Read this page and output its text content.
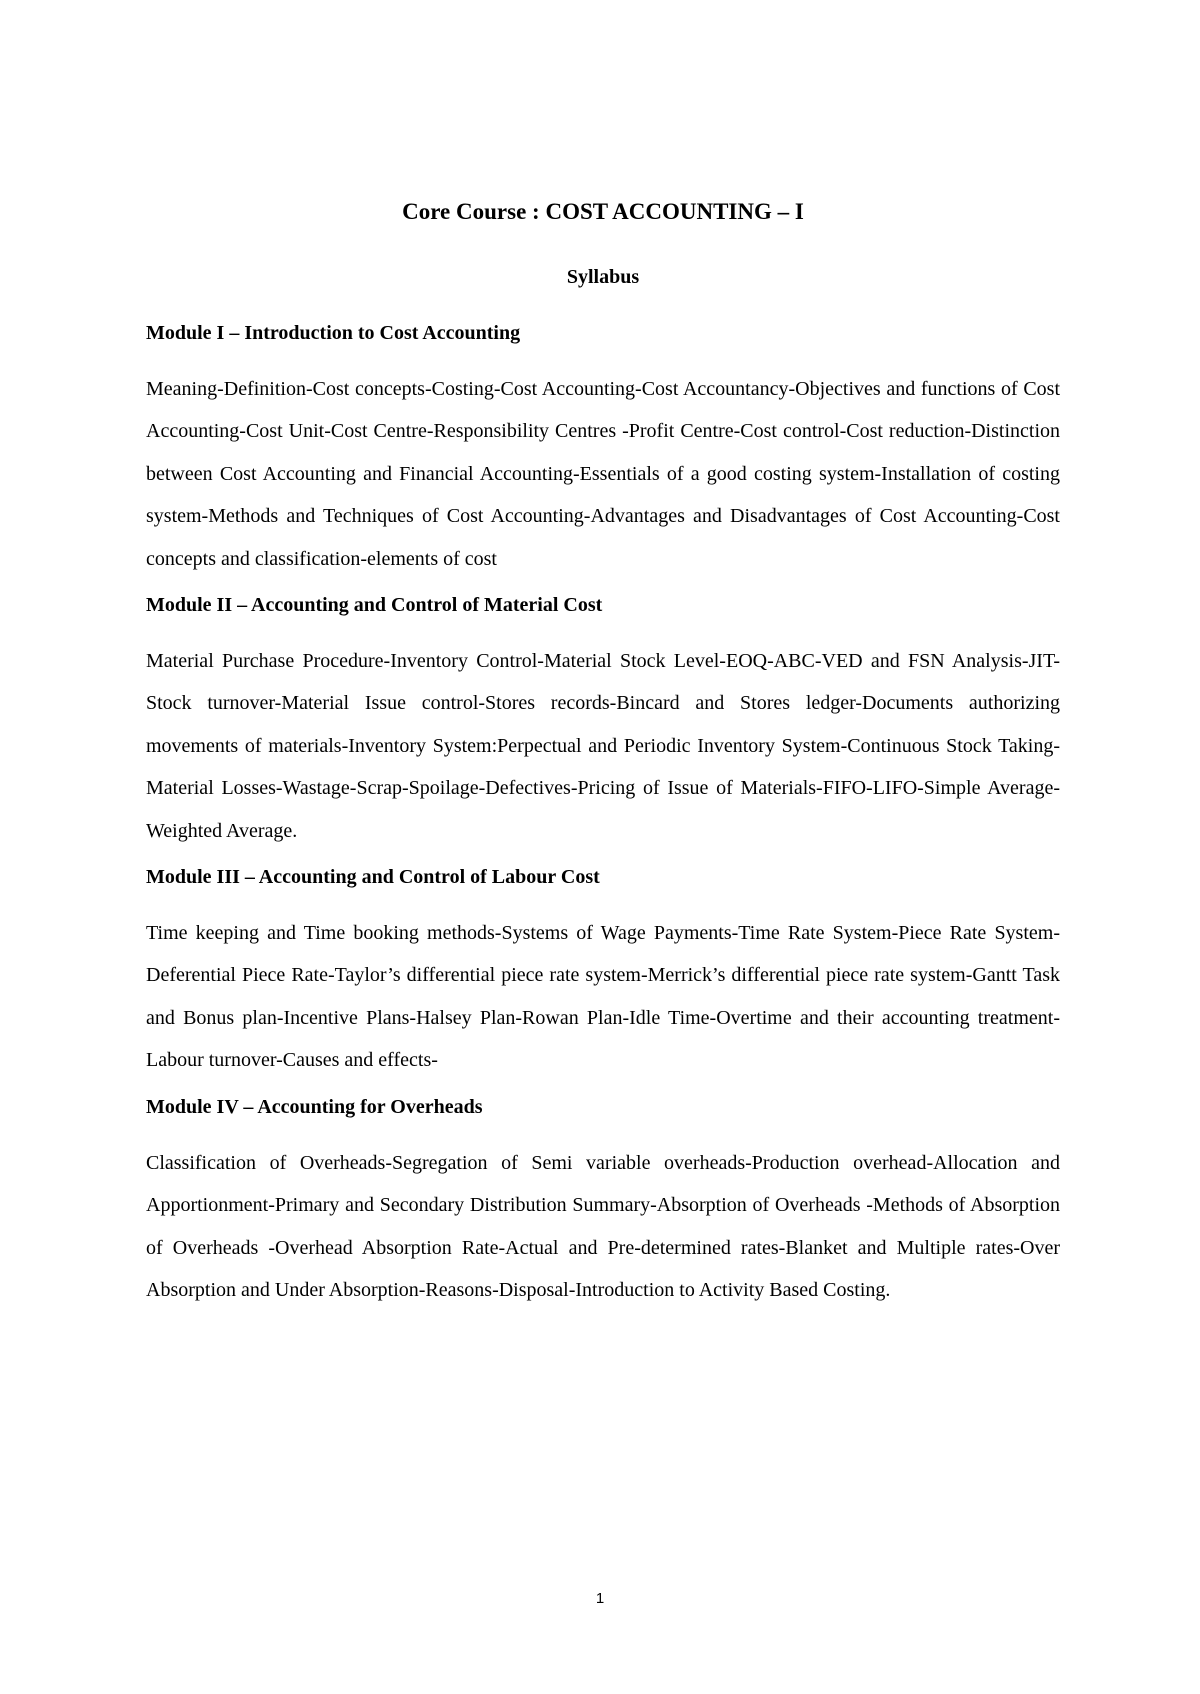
Core Course : COST ACCOUNTING – I
Syllabus
Module I – Introduction to Cost Accounting

Meaning-Definition-Cost concepts-Costing-Cost Accounting-Cost Accountancy-Objectives and functions of Cost Accounting-Cost Unit-Cost Centre-Responsibility Centres -Profit Centre-Cost control-Cost reduction-Distinction between Cost Accounting and Financial Accounting-Essentials of a good costing system-Installation of costing system-Methods and Techniques of Cost Accounting-Advantages and Disadvantages of Cost Accounting-Cost concepts and classification-elements of cost

Module II – Accounting and Control of Material Cost

Material Purchase Procedure-Inventory Control-Material Stock Level-EOQ-ABC-VED and FSN Analysis-JIT-Stock turnover-Material Issue control-Stores records-Bincard and Stores ledger-Documents authorizing movements of materials-Inventory System:Perpectual and Periodic Inventory System-Continuous Stock Taking-Material Losses-Wastage-Scrap-Spoilage-Defectives-Pricing of Issue of Materials-FIFO-LIFO-Simple Average-Weighted Average.

Module III – Accounting and Control of Labour Cost

Time keeping and Time booking methods-Systems of Wage Payments-Time Rate System-Piece Rate System-Deferential Piece Rate-Taylor’s differential piece rate system-Merrick’s differential piece rate system-Gantt Task and Bonus plan-Incentive Plans-Halsey Plan-Rowan Plan-Idle Time-Overtime and their accounting treatment-Labour turnover-Causes and effects-

Module IV – Accounting for Overheads

Classification of Overheads-Segregation of Semi variable overheads-Production overhead-Allocation and Apportionment-Primary and Secondary Distribution Summary-Absorption of Overheads -Methods of Absorption of Overheads -Overhead Absorption Rate-Actual and Pre-determined rates-Blanket and Multiple rates-Over Absorption and Under Absorption-Reasons-Disposal-Introduction to Activity Based Costing.

1
